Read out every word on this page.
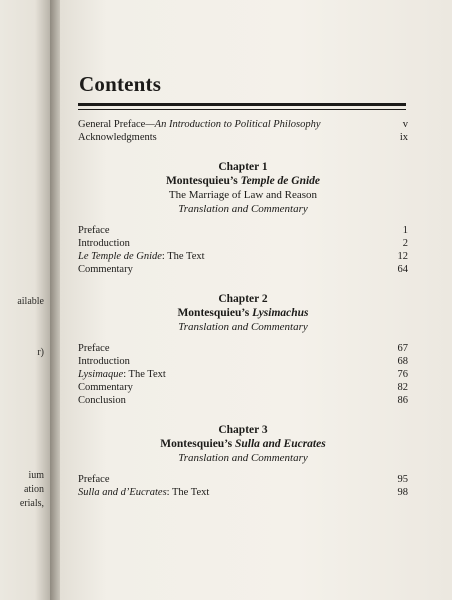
ailable
r)
ium
ation
erials,
Contents
General Preface—An Introduction to Political Philosophy	v
Acknowledgments	ix
Chapter 1
Montesquieu’s Temple de Gnide
The Marriage of Law and Reason
Translation and Commentary
Preface	1
Introduction	2
Le Temple de Gnide: The Text	12
Commentary	64
Chapter 2
Montesquieu’s Lysimachus
Translation and Commentary
Preface	67
Introduction	68
Lysimaque: The Text	76
Commentary	82
Conclusion	86
Chapter 3
Montesquieu’s Sulla and Eucrates
Translation and Commentary
Preface	95
Sulla and d’Eucrates: The Text	98
